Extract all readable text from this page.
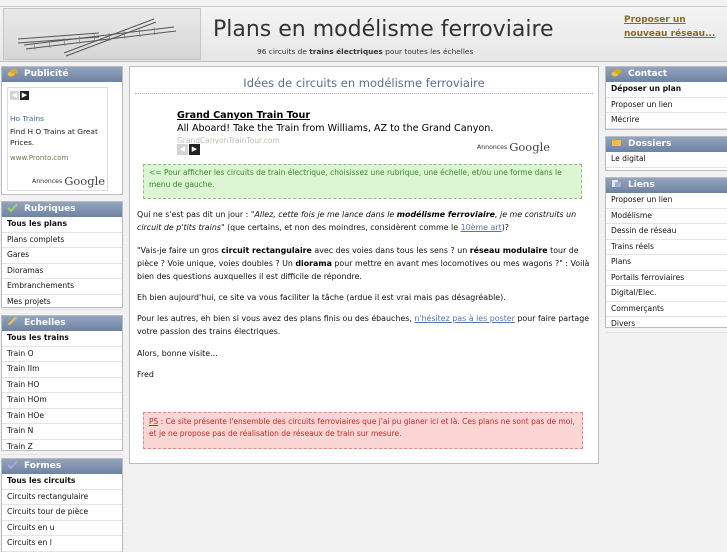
Plans en modélisme ferroviaire
96 circuits de trains électriques pour toutes les échelles
Proposer un
nouveau réseau...
Publicité
◀ ▶
Ho Trains
Find H O Trains at Great Prices.
www.Pronto.com
Annonces Google
Rubriques
Tous les plans
Plans complets
Gares
Dioramas
Embranchements
Mes projets
Echelles
Tous les trains
Train O
Train IIm
Train HO
Train HOm
Train HOe
Train N
Train Z
Formes
Tous les circuits
Circuits rectangulaire
Circuits tour de pièce
Circuits en u
Circuits en l
Idées de circuits en modélisme ferroviaire
Grand Canyon Train Tour
All Aboard! Take the Train from Williams, AZ to the Grand Canyon.
GrandCanyonTrainTour.com
◀ ▶	Annonces Google
<= Pour afficher les circuits de train électrique, choisissez une rubrique, une échelle, et/ou une forme dans le menu de gauche.
Qui ne s'est pas dit un jour : "Allez, cette fois je me lance dans le modélisme ferroviaire, je me construits un circuit de p'tits trains" (que certains, et non des moindres, considèrent comme le 10ème art)?
"Vais-je faire un gros circuit rectangulaire avec des voies dans tous les sens ? un réseau modulaire tour de pièce ? Voie unique, voies doubles ? Un diorama pour mettre en avant mes locomotives ou mes wagons ?" : Voilà bien des questions auxquelles il est difficile de répondre.
Eh bien aujourd'hui, ce site va vous faciliter la tâche (ardue il est vrai mais pas désagréable).
Pour les autres, eh bien si vous avez des plans finis ou des ébauches, n'hésitez pas à les poster pour faire partage votre passion des trains électriques.
Alors, bonne visite...
Fred
PS : Ce site présente l'ensemble des circuits ferroviaires que j'ai pu glaner ici et là. Ces plans ne sont pas de moi, et je ne propose pas de réalisation de réseaux de train sur mesure.
Contact
Déposer un plan
Proposer un lien
Mécrire
Dossiers
Le digital
Liens
Proposer un lien
Modélisme
Dessin de réseau
Trains réels
Plans
Portails ferroviaires
Digital/Elec.
Commerçants
Divers
